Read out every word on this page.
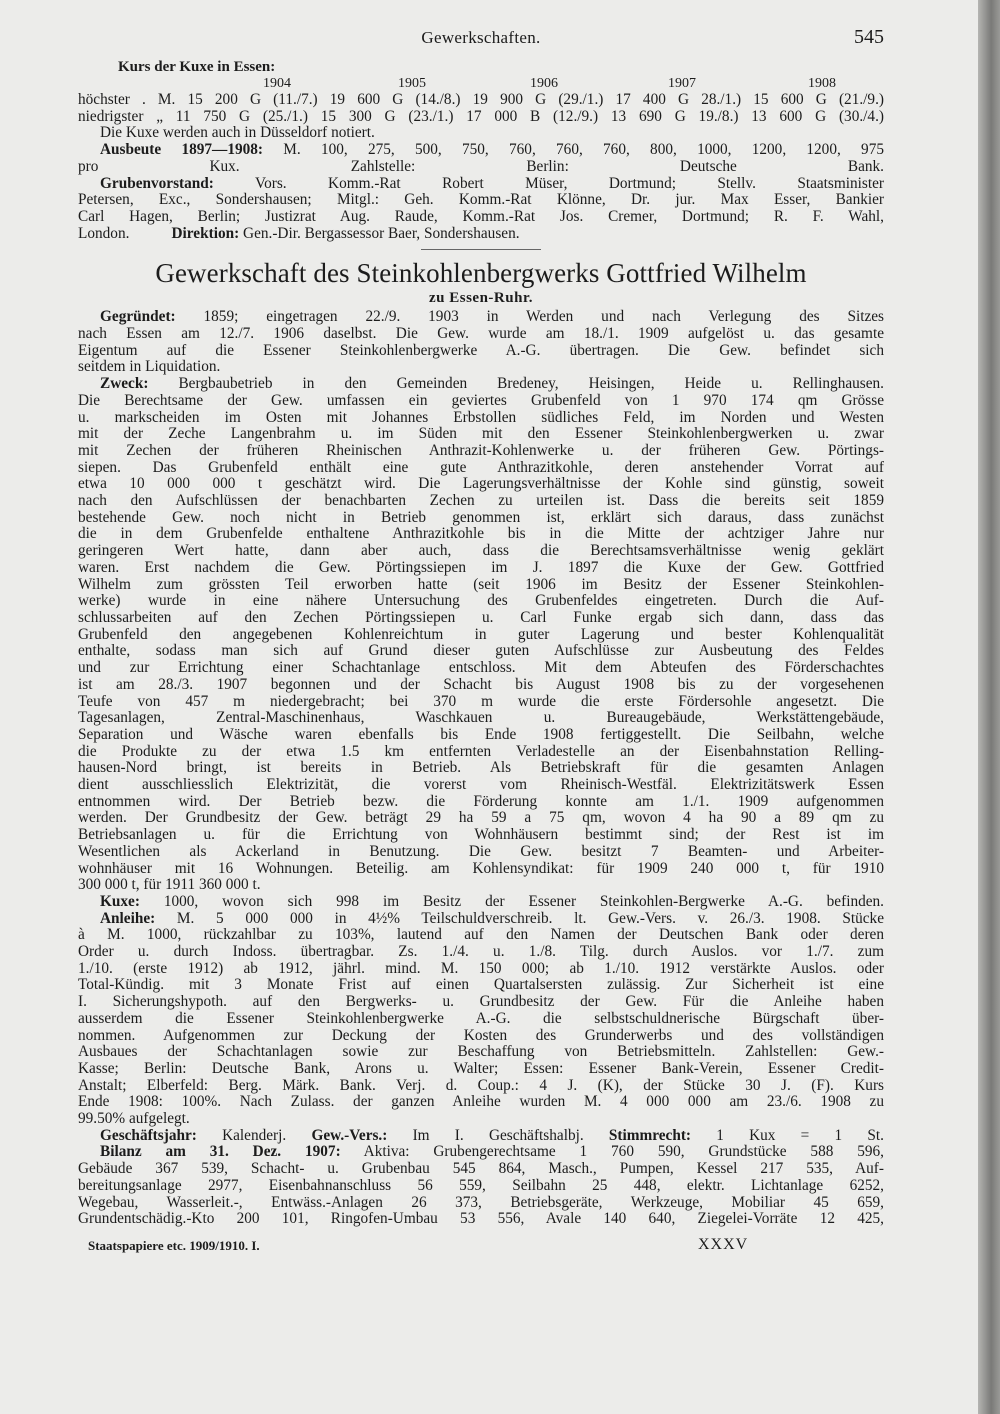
Gewerkschaften.	545
Kurs der Kuxe in Essen:
1904	1905	1906	1907	1908
höchster . M. 15 200 G (11./7.) 19 600 G (14./8.) 19 900 G (29./1.) 17 400 G 28./1.) 15 600 G (21./9.)
niedrigster „ 11 750 G (25./1.) 15 300 G (23./1.) 17 000 B (12./9.) 13 690 G 19./8.) 13 600 G (30./4.)
Die Kuxe werden auch in Düsseldorf notiert.
Ausbeute 1897—1908: M. 100, 275, 500, 750, 760, 760, 760, 800, 1000, 1200, 1200, 975
pro Kux. Zahlstelle: Berlin: Deutsche Bank.
Grubenvorstand: Vors. Komm.-Rat Robert Müser, Dortmund; Stellv. Staatsminister
Petersen, Exc., Sondershausen; Mitgl.: Geh. Komm.-Rat Klönne, Dr. jur. Max Esser, Bankier
Carl Hagen, Berlin; Justizrat Aug. Raude, Komm.-Rat Jos. Cremer, Dortmund; R. F. Wahl,
London.	Direktion: Gen.-Dir. Bergassessor Baer, Sondershausen.
Gewerkschaft des Steinkohlenbergwerks Gottfried Wilhelm
zu Essen-Ruhr.
Gegründet: 1859; eingetragen 22./9. 1903 in Werden und nach Verlegung des Sitzes
nach Essen am 12./7. 1906 daselbst. Die Gew. wurde am 18./1. 1909 aufgelöst u. das gesamte
Eigentum auf die Essener Steinkohlenbergwerke A.-G. übertragen. Die Gew. befindet sich
seitdem in Liquidation.
Zweck: Bergbaubetrieb in den Gemeinden Bredeney, Heisingen, Heide u. Rellinghausen.
Die Berechtsame der Gew. umfassen ein geviertes Grubenfeld von 1 970 174 qm Grösse
u. markscheiden im Osten mit Johannes Erbstollen südliches Feld, im Norden und Westen
mit der Zeche Langenbrahm u. im Süden mit den Essener Steinkohlenbergwerken u. zwar
mit Zechen der früheren Rheinischen Anthrazit-Kohlenwerke u. der früheren Gew. Pörtings-
siepen. Das Grubenfeld enthält eine gute Anthrazitkohle, deren anstehender Vorrat auf
etwa 10 000 000 t geschätzt wird. Die Lagerungsverhältnisse der Kohle sind günstig, soweit
nach den Aufschlüssen der benachbarten Zechen zu urteilen ist. Dass die bereits seit 1859
bestehende Gew. noch nicht in Betrieb genommen ist, erklärt sich daraus, dass zunächst
die in dem Grubenfelde enthaltene Anthrazitkohle bis in die Mitte der achtziger Jahre nur
geringeren Wert hatte, dann aber auch, dass die Berechtsamsverhältnisse wenig geklärt
waren. Erst nachdem die Gew. Pörtingssiepen im J. 1897 die Kuxe der Gew. Gottfried
Wilhelm zum grössten Teil erworben hatte (seit 1906 im Besitz der Essener Steinkohlen-
werke) wurde in eine nähere Untersuchung des Grubenfeldes eingetreten. Durch die Auf-
schlussarbeiten auf den Zechen Pörtingssiepen u. Carl Funke ergab sich dann, dass das
Grubenfeld den angegebenen Kohlenreichtum in guter Lagerung und bester Kohlenqualität
enthalte, sodass man sich auf Grund dieser guten Aufschlüsse zur Ausbeutung des Feldes
und zur Errichtung einer Schachtanlage entschloss. Mit dem Abteufen des Förderschachtes
ist am 28./3. 1907 begonnen und der Schacht bis August 1908 bis zu der vorgesehenen
Teufe von 457 m niedergebracht; bei 370 m wurde die erste Fördersohle angesetzt. Die
Tagesanlagen, Zentral-Maschinenhaus, Waschkauen u. Bureaugebäude, Werkstättengebäude,
Separation und Wäsche waren ebenfalls bis Ende 1908 fertiggestellt. Die Seilbahn, welche
die Produkte zu der etwa 1.5 km entfernten Verladestelle an der Eisenbahnstation Relling-
hausen-Nord bringt, ist bereits in Betrieb. Als Betriebskraft für die gesamten Anlagen
dient ausschliesslich Elektrizität, die vorerst vom Rheinisch-Westfäl. Elektrizitätswerk Essen
entnommen wird. Der Betrieb bezw. die Förderung konnte am 1./1. 1909 aufgenommen
werden. Der Grundbesitz der Gew. beträgt 29 ha 59 a 75 qm, wovon 4 ha 90 a 89 qm zu
Betriebsanlagen u. für die Errichtung von Wohnhäusern bestimmt sind; der Rest ist im
Wesentlichen als Ackerland in Benutzung. Die Gew. besitzt 7 Beamten- und Arbeiter-
wohnhäuser mit 16 Wohnungen. Beteilig. am Kohlensyndikat: für 1909 240 000 t, für 1910
300 000 t, für 1911 360 000 t.
Kuxe: 1000, wovon sich 998 im Besitz der Essener Steinkohlen-Bergwerke A.-G. befinden.
Anleihe: M. 5 000 000 in 4½% Teilschuldverschreib. lt. Gew.-Vers. v. 26./3. 1908. Stücke
à M. 1000, rückzahlbar zu 103%, lautend auf den Namen der Deutschen Bank oder deren
Order u. durch Indoss. übertragbar. Zs. 1./4. u. 1./8. Tilg. durch Auslos. vor 1./7. zum
1./10. (erste 1912) ab 1912, jährl. mind. M. 150 000; ab 1./10. 1912 verstärkte Auslos. oder
Total-Kündig. mit 3 Monate Frist auf einen Quartalsersten zulässig. Zur Sicherheit ist eine
I. Sicherungshypoth. auf den Bergwerks- u. Grundbesitz der Gew. Für die Anleihe haben
ausserdem die Essener Steinkohlenbergwerke A.-G. die selbstschuldnerische Bürgschaft über-
nommen. Aufgenommen zur Deckung der Kosten des Grunderwerbs und des vollständigen
Ausbaues der Schachtanlagen sowie zur Beschaffung von Betriebsmitteln. Zahlstellen: Gew.-
Kasse; Berlin: Deutsche Bank, Arons u. Walter; Essen: Essener Bank-Verein, Essener Credit-
Anstalt; Elberfeld: Berg. Märk. Bank. Verj. d. Coup.: 4 J. (K), der Stücke 30 J. (F). Kurs
Ende 1908: 100%. Nach Zulass. der ganzen Anleihe wurden M. 4 000 000 am 23./6. 1908 zu
99.50% aufgelegt.
Geschäftsjahr: Kalenderj. Gew.-Vers.: Im I. Geschäftshalbj. Stimmrecht: 1 Kux = 1 St.
Bilanz am 31. Dez. 1907: Aktiva: Grubengerechtsame 1 760 590, Grundstücke 588 596,
Gebäude 367 539, Schacht- u. Grubenbau 545 864, Masch., Pumpen, Kessel 217 535, Auf-
bereitungsanlage 2977, Eisenbahnanschluss 56 559, Seilbahn 25 448, elektr. Lichtanlage 6252,
Wegebau, Wasserleit.-, Entwäss.-Anlagen 26 373, Betriebsgeräte, Werkzeuge, Mobiliar 45 659,
Grundentschädig.-Kto 200 101, Ringofen-Umbau 53 556, Avale 140 640, Ziegelei-Vorräte 12 425,
Staatspapiere etc. 1909/1910. I.	XXXV
